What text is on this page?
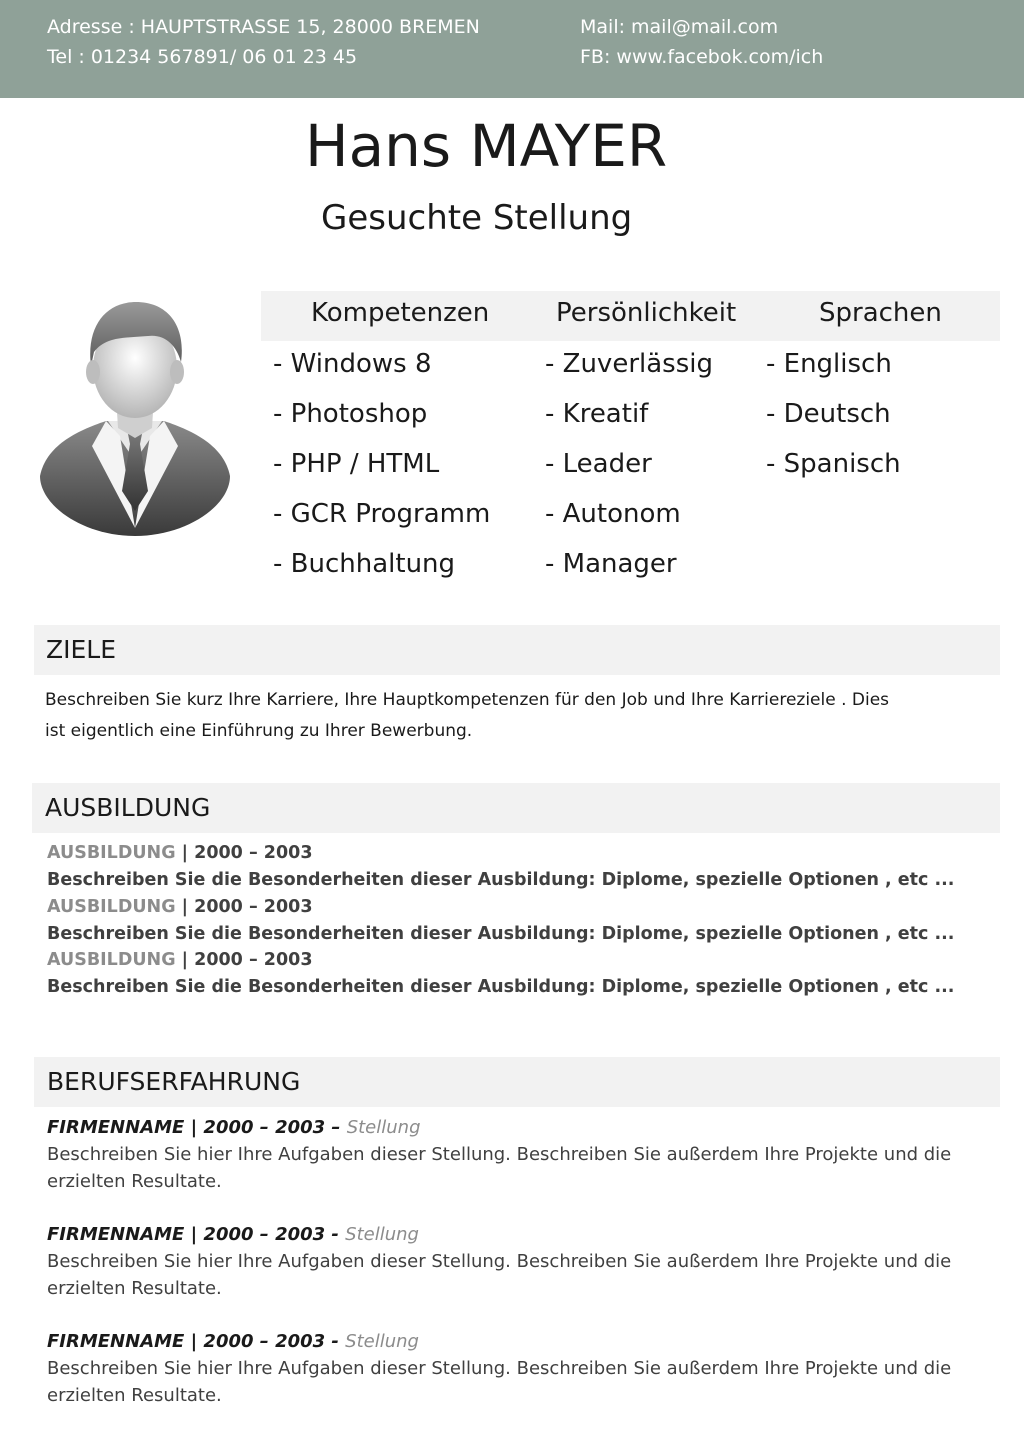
Adresse : HAUPTSTRASSE 15, 28000 BREMEN
Tel : 01234 567891/ 06 01 23 45
Mail: mail@mail.com
FB: www.facebok.com/ich
Hans MAYER
Gesuchte Stellung
Kompetenzen	Persönlichkeit	Sprachen
- Windows 8
- Photoshop
- PHP / HTML
- GCR Programm
- Buchhaltung
- Zuverlässig
- Kreatif
- Leader
- Autonom
- Manager
- Englisch
- Deutsch
- Spanisch
ZIELE
Beschreiben Sie kurz Ihre Karriere, Ihre Hauptkompetenzen für den Job und Ihre Karriereziele . Dies
ist eigentlich eine Einführung zu Ihrer Bewerbung.
AUSBILDUNG
AUSBILDUNG | 2000 – 2003
Beschreiben Sie die Besonderheiten dieser Ausbildung: Diplome, spezielle Optionen , etc ...
AUSBILDUNG | 2000 – 2003
Beschreiben Sie die Besonderheiten dieser Ausbildung: Diplome, spezielle Optionen , etc ...
AUSBILDUNG | 2000 – 2003
Beschreiben Sie die Besonderheiten dieser Ausbildung: Diplome, spezielle Optionen , etc ...
BERUFSERFAHRUNG
FIRMENNAME | 2000 – 2003 – Stellung
Beschreiben Sie hier Ihre Aufgaben dieser Stellung. Beschreiben Sie außerdem Ihre Projekte und die erzielten Resultate.
FIRMENNAME | 2000 – 2003 - Stellung
Beschreiben Sie hier Ihre Aufgaben dieser Stellung. Beschreiben Sie außerdem Ihre Projekte und die erzielten Resultate.
FIRMENNAME | 2000 – 2003 - Stellung
Beschreiben Sie hier Ihre Aufgaben dieser Stellung. Beschreiben Sie außerdem Ihre Projekte und die erzielten Resultate.
